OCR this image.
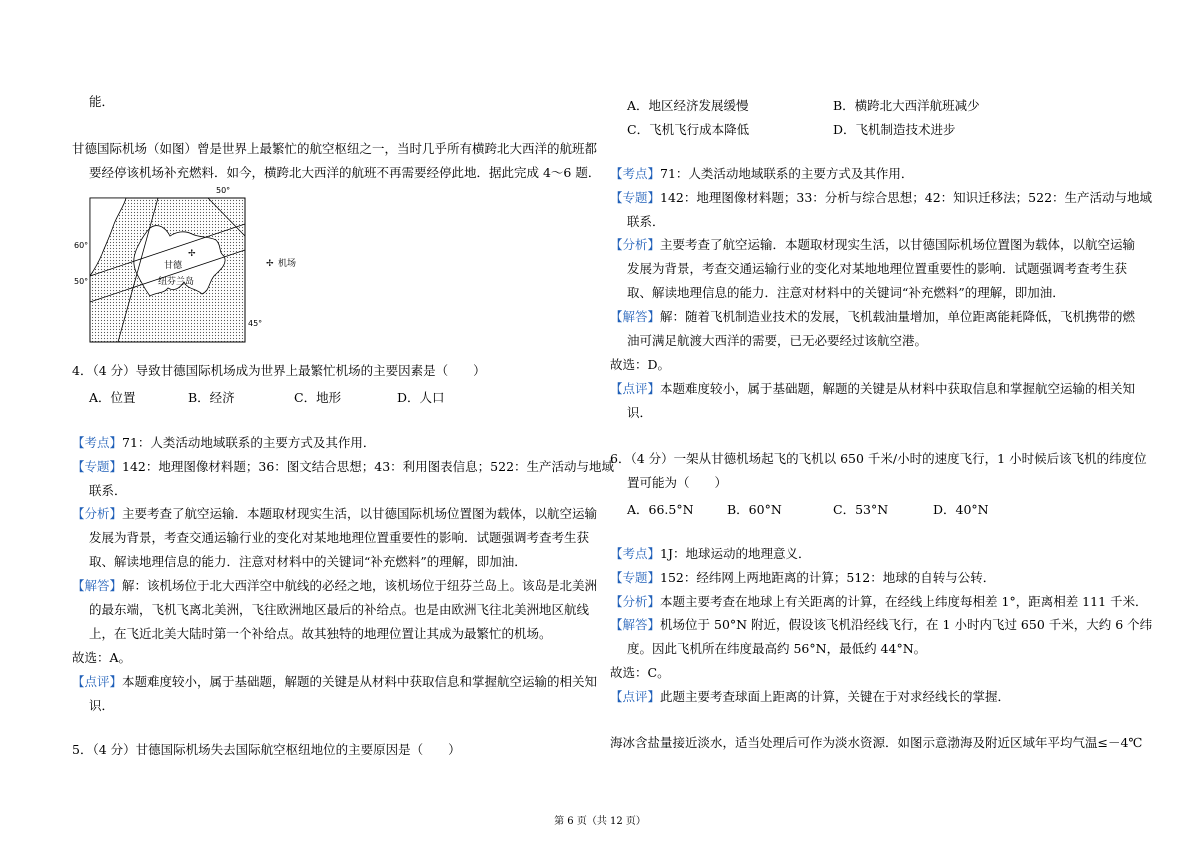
能．
甘德国际机场（如图）曾是世界上最繁忙的航空枢纽之一，当时几乎所有横跨北大西洋的航班都
要经停该机场补充燃料．如今，横跨北大西洋的航班不再需要经停此地．据此完成 4～6 题．
✢
✢
甘德
纽芬兰岛
机场
50°
60°
50°
45°
4．（4 分）导致甘德国际机场成为世界上最繁忙机场的主要因素是（　　）
A．位置	B．经济	C．地形	D．人口
【考点】71：人类活动地域联系的主要方式及其作用．
【专题】142：地理图像材料题；36：图文结合思想；43：利用图表信息；522：生产活动与地域
联系．
【分析】主要考查了航空运输．本题取材现实生活，以甘德国际机场位置图为载体，以航空运输
发展为背景，考查交通运输行业的变化对某地地理位置重要性的影响．试题强调考查考生获
取、解读地理信息的能力．注意对材料中的关键词“补充燃料”的理解，即加油．
【解答】解：该机场位于北大西洋空中航线的必经之地，该机场位于纽芬兰岛上。该岛是北美洲
的最东端，飞机飞离北美洲，飞往欧洲地区最后的补给点。也是由欧洲飞往北美洲地区航线
上，在飞近北美大陆时第一个补给点。故其独特的地理位置让其成为最繁忙的机场。
故选：A。
【点评】本题难度较小，属于基础题，解题的关键是从材料中获取信息和掌握航空运输的相关知
识．
5．（4 分）甘德国际机场失去国际航空枢纽地位的主要原因是（　　）
A．地区经济发展缓慢	B．横跨北大西洋航班减少
C．飞机飞行成本降低	D．飞机制造技术进步
【考点】71：人类活动地域联系的主要方式及其作用．
【专题】142：地理图像材料题；33：分析与综合思想；42：知识迁移法；522：生产活动与地域
联系．
【分析】主要考查了航空运输．本题取材现实生活，以甘德国际机场位置图为载体，以航空运输
发展为背景，考查交通运输行业的变化对某地地理位置重要性的影响．试题强调考查考生获
取、解读地理信息的能力．注意对材料中的关键词“补充燃料”的理解，即加油．
【解答】解：随着飞机制造业技术的发展，飞机载油量增加，单位距离能耗降低，飞机携带的燃
油可满足航渡大西洋的需要，已无必要经过该航空港。
故选：D。
【点评】本题难度较小，属于基础题，解题的关键是从材料中获取信息和掌握航空运输的相关知
识．
6．（4 分）一架从甘德机场起飞的飞机以 650 千米/小时的速度飞行，1 小时候后该飞机的纬度位
置可能为（　　）
A．66.5°N	B．60°N	C．53°N	D．40°N
【考点】1J：地球运动的地理意义．
【专题】152：经纬网上两地距离的计算；512：地球的自转与公转．
【分析】本题主要考查在地球上有关距离的计算，在经线上纬度每相差 1°，距离相差 111 千米．
【解答】机场位于 50°N 附近，假设该飞机沿经线飞行，在 1 小时内飞过 650 千米，大约 6 个纬
度。因此飞机所在纬度最高约 56°N，最低约 44°N。
故选：C。
【点评】此题主要考查球面上距离的计算，关键在于对求经线长的掌握．
海冰含盐量接近淡水，适当处理后可作为淡水资源．如图示意渤海及附近区域年平均气温≤－4℃
第 6 页（共 12 页）
